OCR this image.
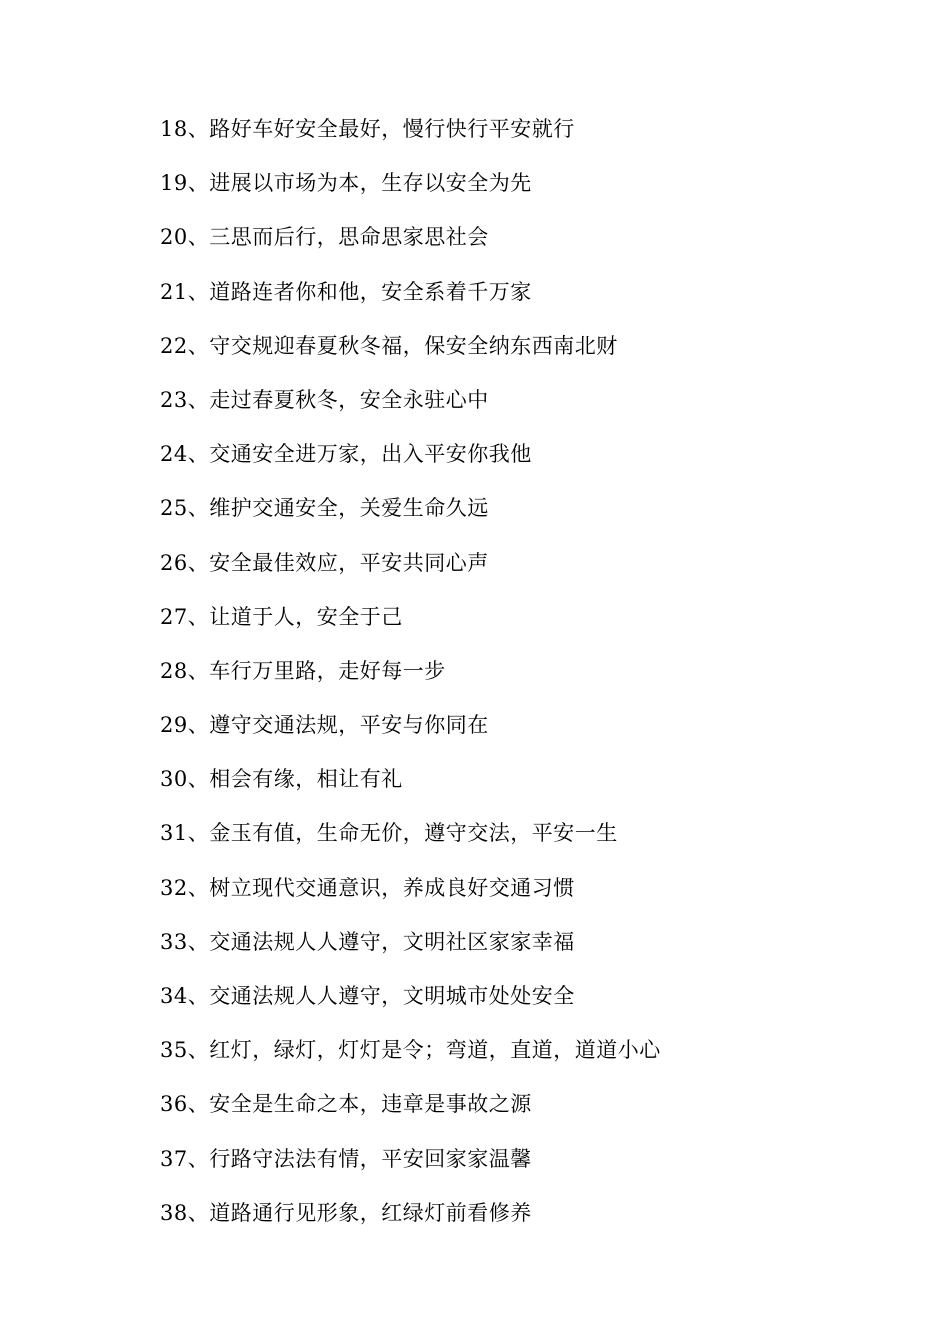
18、路好车好安全最好，慢行快行平安就行
19、进展以市场为本，生存以安全为先
20、三思而后行，思命思家思社会
21、道路连者你和他，安全系着千万家
22、守交规迎春夏秋冬福，保安全纳东西南北财
23、走过春夏秋冬，安全永驻心中
24、交通安全进万家，出入平安你我他
25、维护交通安全，关爱生命久远
26、安全最佳效应，平安共同心声
27、让道于人，安全于己
28、车行万里路，走好每一步
29、遵守交通法规，平安与你同在
30、相会有缘，相让有礼
31、金玉有值，生命无价，遵守交法，平安一生
32、树立现代交通意识，养成良好交通习惯
33、交通法规人人遵守，文明社区家家幸福
34、交通法规人人遵守，文明城市处处安全
35、红灯，绿灯，灯灯是令；弯道，直道，道道小心
36、安全是生命之本，违章是事故之源
37、行路守法法有情，平安回家家温馨
38、道路通行见形象，红绿灯前看修养
